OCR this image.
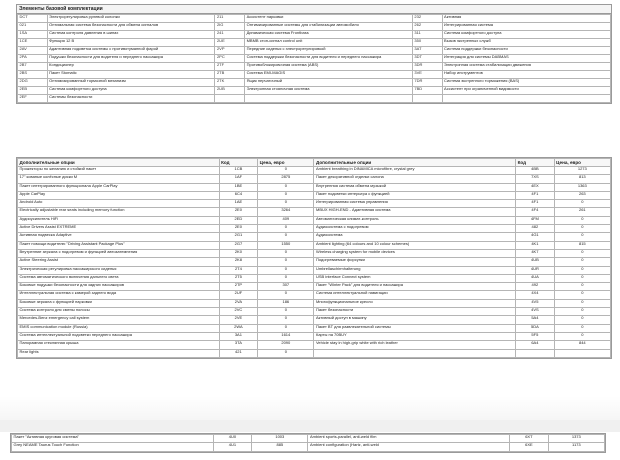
Элементы базовой комплектации
DCT	Электрорегулировка рулевой колонки	211	Ассистент парковки	232	Активная
021	Оптимальная система безопасности для обмена сигналов	2IG	Оптимизированные системы для стабилизации автомобиля	262	Интегрированная система
1SA	Система контроля давления в шинах	241	Динамическая система Frontbass	311	Система комфортного доступа
1CE	Функция 12 В	2UE	MBMB стоп-сигнал control unit	350	Вызов экстренных служб
2AV	Адаптивная подсветка системы с противотуманной фарой	2VP	Передние сиденья с электрорегулировкой	3AT	Система поддержки безопасности
2PA	Подушки безопасности для водителя и переднего пассажира	2PC	Система поддержки безопасности для водителя и переднего пассажира	3DT	Интеграция для системы DABMAS
2B7	Кондиционер	2TF	Противоблокировочная система (ABS)	3DR	Электронная система стабилизации движения
2BS	Пакет Stomatic	2TB	Система EMI-MAGIS	3VE	Набор инструментов
2DG	Оптимизированный тормозной механизм	2TK	Ящик перчаточный	7DR	Система экстренного торможения (BAS)
2EB	Система комфортного доступа	2UB	Электронная стояночная система	7BD	Ассистент при ограниченной видимости
2EF	Системы безопасности				
Дополнительные опции	Код	Цена, евро	Дополнительные опции	Код	Цена, евро
Прожекторы по желанию и стойкий пакет	1CB	0	Ambient breathing in DINAMICA microfibre, crystal grey	4BB	1273
17" кованые колёсные диски M	1AF	2875	Пакет декоративной отделки салона	7XS	813
Пакет интегрированного функционала Apple CarPlay	1BE	0	Внутренняя система обмена музыкой	4EX	1363
Apple CarPlay	6C4	0	Пакет подсветки интерьера с функцией	4F1	263
Android Auto	1AE	0	Интегрированная система управления	4F1	0
Electrically adjustable rear seats including memory function	2E0	3264	MBUX HIGH-END - Адаптивная система	4F4	261
Аудиоусилитель HiFi	2ED	409	Автоматическая климат-контроль	4FM	0
Active Drivers Assist EXTREME	2E0	0	Аудиосистема с подогревом	482	0
Активная подвеска Adaptive	2G1	0	Аудиосистема	4G1	0
Пакет помощи водителю "Driving Assistant Package Plus"	2G7	1550	Ambient lighting (64 colours and 10 colour schemes)	4K1	815
Внутренние зеркала с подогревом и функцией автозатемнения	2K0	0	Wireless charging system for mobile devices	4K7	0
Active Steering Assist	2K8	0	Подогреваемые форсунки	4UB	0
Электрическая регулировка пассажирского сиденья	2T4	0	Umbrellaschirmhalterung	4UR	0
Система автоматического включения дальнего света	2T5	0	USB interface Connect system	4UA	0
Боковые подушки безопасности для задних пассажиров	2TP	307	Пакет "Winter Pack" для водителя и пассажира	492	0
Интеллектуальная система с камерой заднего вида	2UF	0	Система интеллектуальной навигации	4X4	0
Боковые зеркала с функцией парковки	2VA	186	Многофункциональное кресло	4V5	0
Система контроля для смены полосы	2VC	0	Пакет безопасности	4VS	0
Mercedes-Benz emergency call system	2VE	0	Активный доступ в машину	5A4	0
EMIS communication module (Russia)	2WA	0	Пакет BT для развлекательной системы	5DA	0
Система интеллектуальной подсветки переднего пассажира	3A1	1614	Карты на 70BUY	5F5	0
Панорамная стеклянная крыша	3TA	2090	Vehicle stay in high-grip white with rich leather	6A4	844
Rear lights	421	0			
Пакет "Активная круговая система"	4U0	1003	Ambient sports-parallel, anti-weld film	6XT	1373
Grey NEAME Taurus Touch Function	4U1	885	Ambient configuration (Hartz, anti-weld	6XE	1173
